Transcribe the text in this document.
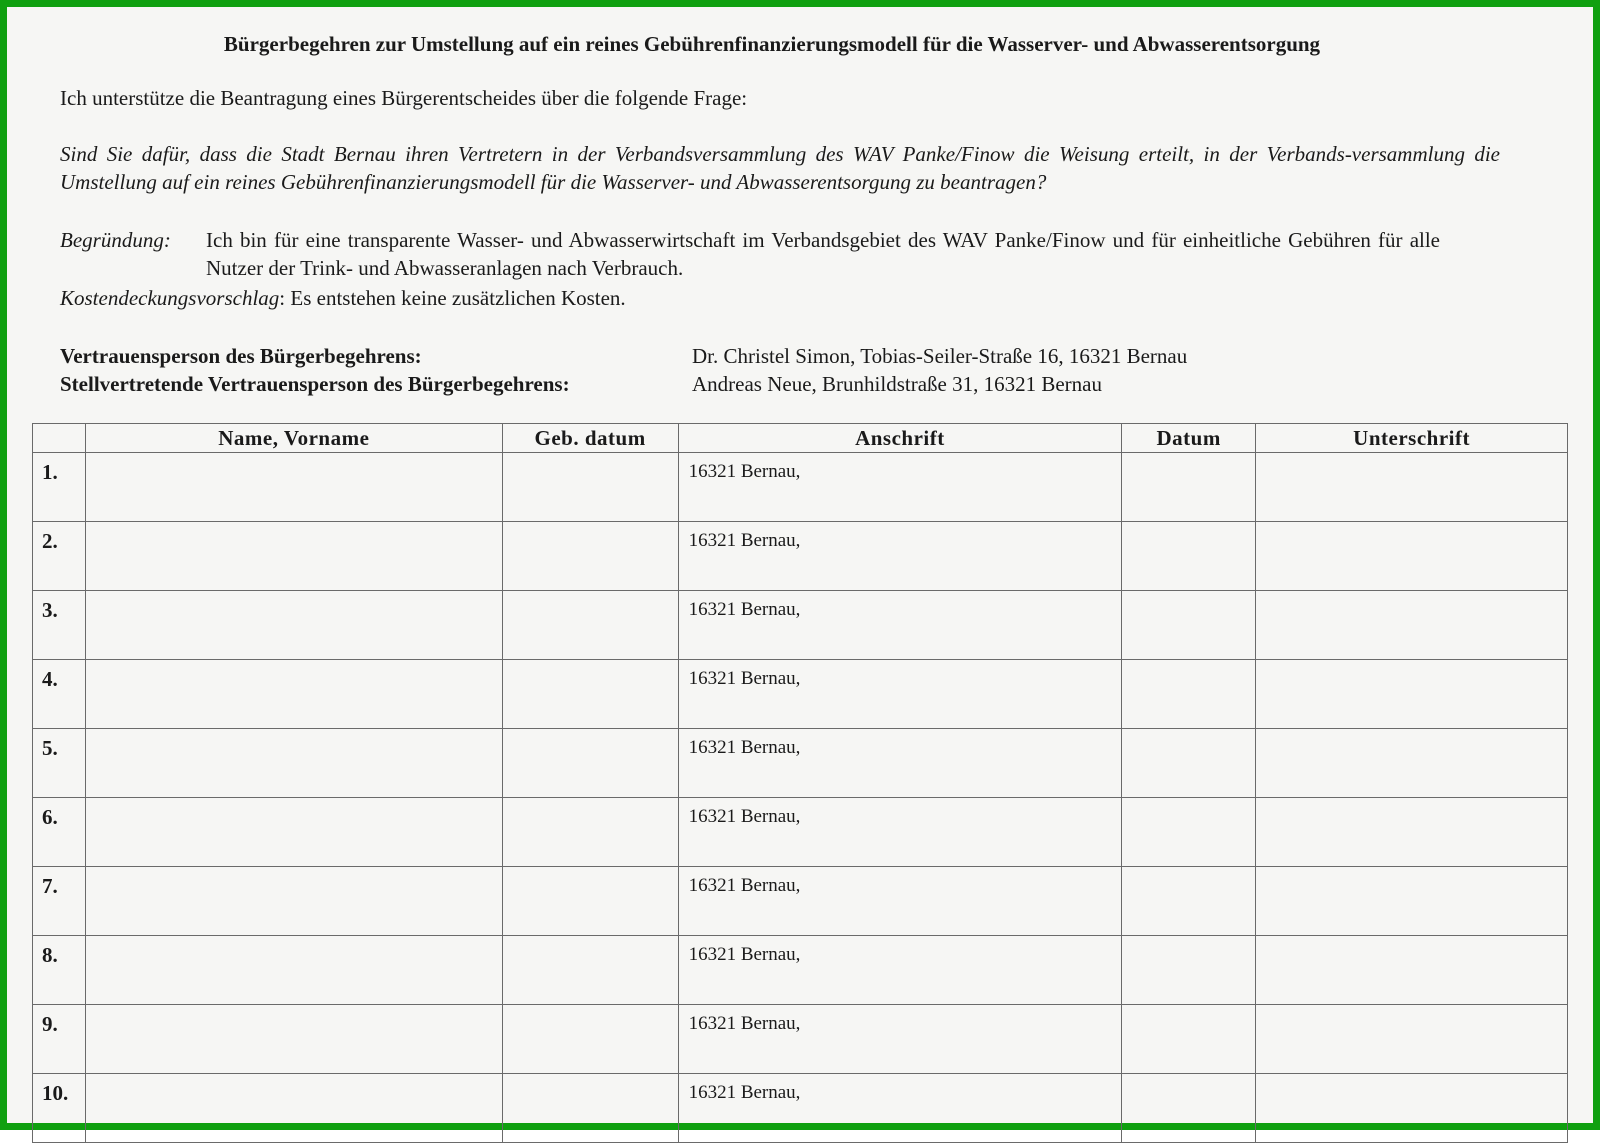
Bürgerbegehren zur Umstellung auf ein reines Gebührenfinanzierungsmodell für die Wasserver- und Abwasserentsorgung
Ich unterstütze die Beantragung eines Bürgerentscheides über die folgende Frage:
Sind Sie dafür, dass die Stadt Bernau ihren Vertretern in der Verbandsversammlung des WAV Panke/Finow die Weisung erteilt, in der Verbands-versammlung die Umstellung auf ein reines Gebührenfinanzierungsmodell für die Wasserver- und Abwasserentsorgung zu beantragen?
Begründung: Ich bin für eine transparente Wasser- und Abwasserwirtschaft im Verbandsgebiet des WAV Panke/Finow und für einheitliche Gebühren für alle Nutzer der Trink- und Abwasseranlagen nach Verbrauch.
Kostendeckungsvorschlag: Es entstehen keine zusätzlichen Kosten.
Vertrauensperson des Bürgerbegehrens:	Dr. Christel Simon, Tobias-Seiler-Straße 16, 16321 Bernau
Stellvertretende Vertrauensperson des Bürgerbegehrens:	Andreas Neue, Brunhildstraße 31, 16321 Bernau
	Name, Vorname	Geb. datum	Anschrift	Datum	Unterschrift
1.			16321 Bernau,		
2.			16321 Bernau,		
3.			16321 Bernau,		
4.			16321 Bernau,		
5.			16321 Bernau,		
6.			16321 Bernau,		
7.			16321 Bernau,		
8.			16321 Bernau,		
9.			16321 Bernau,		
10.			16321 Bernau,		
